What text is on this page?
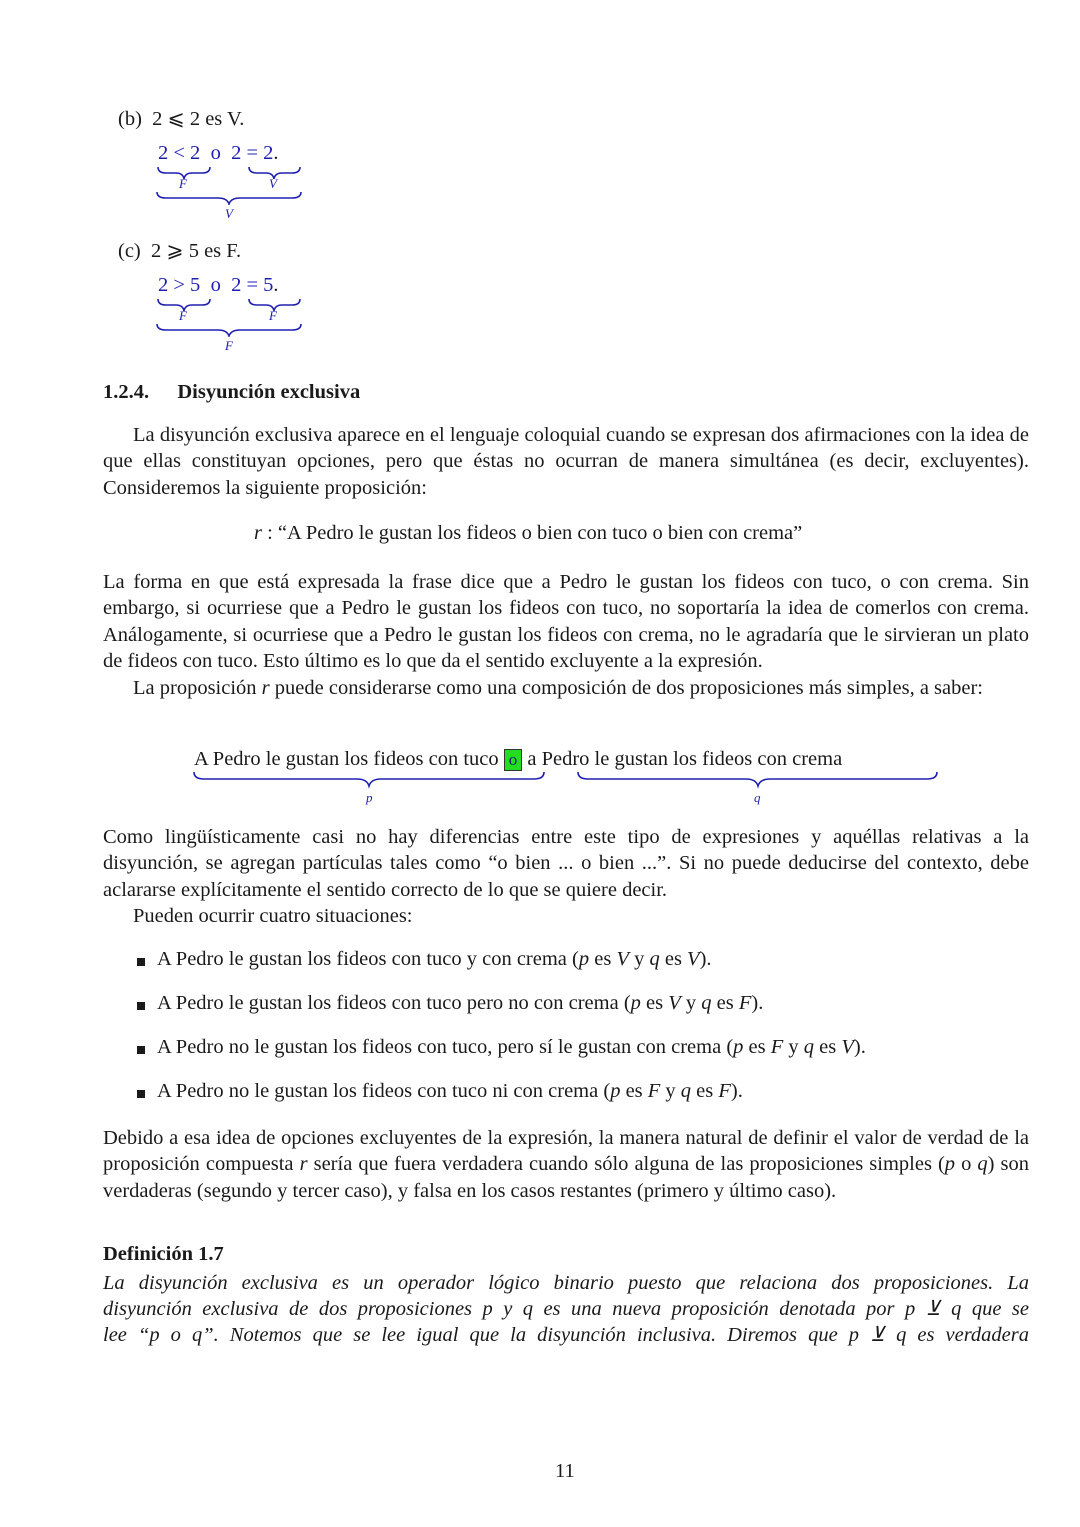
(b) 2 ⩽ 2 es V.
2 < 2 o 2 = 2.
F	V
V
(c) 2 ⩾ 5 es F.
2 > 5 o 2 = 5.
F	F
F
1.2.4. Disyunción exclusiva
La disyunción exclusiva aparece en el lenguaje coloquial cuando se expresan dos afirmaciones con la idea de que ellas constituyan opciones, pero que éstas no ocurran de manera simultánea (es decir, excluyentes). Consideremos la siguiente proposición:
r : “A Pedro le gustan los fideos o bien con tuco o bien con crema”
La forma en que está expresada la frase dice que a Pedro le gustan los fideos con tuco, o con crema. Sin embargo, si ocurriese que a Pedro le gustan los fideos con tuco, no soportaría la idea de comerlos con crema. Análogamente, si ocurriese que a Pedro le gustan los fideos con crema, no le agradaría que le sirvieran un plato de fideos con tuco. Esto último es lo que da el sentido excluyente a la expresión.
La proposición r puede considerarse como una composición de dos proposiciones más simples, a saber:
A Pedro le gustan los fideos con tuco o a Pedro le gustan los fideos con crema
p	q
Como lingüísticamente casi no hay diferencias entre este tipo de expresiones y aquéllas relativas a la disyunción, se agregan partículas tales como “o bien ... o bien ...”. Si no puede deducirse del contexto, debe aclararse explícitamente el sentido correcto de lo que se quiere decir.
Pueden ocurrir cuatro situaciones:
A Pedro le gustan los fideos con tuco y con crema (p es V y q es V).
A Pedro le gustan los fideos con tuco pero no con crema (p es V y q es F).
A Pedro no le gustan los fideos con tuco, pero sí le gustan con crema (p es F y q es V).
A Pedro no le gustan los fideos con tuco ni con crema (p es F y q es F).
Debido a esa idea de opciones excluyentes de la expresión, la manera natural de definir el valor de verdad de la proposición compuesta r sería que fuera verdadera cuando sólo alguna de las proposiciones simples (p o q) son verdaderas (segundo y tercer caso), y falsa en los casos restantes (primero y último caso).
Definición 1.7
La disyunción exclusiva es un operador lógico binario puesto que relaciona dos proposiciones. La
disyunción exclusiva de dos proposiciones p y q es una nueva proposición denotada por p ⊻ q que se
lee “p o q”. Notemos que se lee igual que la disyunción inclusiva. Diremos que p ⊻ q es verdadera
11
